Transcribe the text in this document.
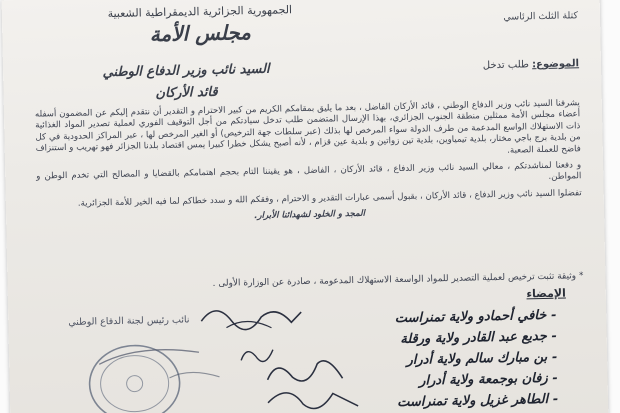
الجمهورية الجزائرية الديمقراطية الشعبية
مجلس الأمة
كتلة الثلث الرئاسي
السيد نائب وزير الدفاع الوطني
قائد الأركان
الموضوع: طلب تدخل

يشرفنا السيد نائب وزير الدفاع الوطني ، قائد الأركان الفاضل ، بعد ما يليق بمقامكم الكريم من كبير الاحترام و التقدير أن نتقدم إليكم عن المضمون أسفله أعضاء مجلس الأمة ممثلين منطقة الجنوب الجزائري، بهذا الإرسال المتضمن طلب تدخل سيادتكم من أجل التوقيف الفوري لعملية تصدير المواد الغذائية ذات الاستهلاك الواسع المدعمة من طرف الدولة سواء المرخص لها بذلك (عبر سلطات جهة الترخيص) أو الغير المرخص لها ، عبر المراكز الحدودية في كل من بلدية برج باجي مختار، بلدية تيمياوين، بلدية تين زواتين و بلدية عين قزام ، لأنه أصبح يشكل خطرا كبيرا يمس اقتصاد بلدنا الجزائر فهو تهريب و استنزاف فاضح للعملة الصعبة.

و دفعنا لمناشدتكم ، معالي السيد نائب وزير الدفاع ، قائد الأركان ، الفاضل ، هو يقيننا التام بحجم اهتمامكم بالقضايا و المصالح التي تخدم الوطن و المواطن.

تفضلوا السيد نائب وزير الدفاع ، قائد الأركان ، بقبول أسمى عبارات التقدير و الاحترام ، وفقكم الله و سدد خطاكم لما فيه الخير للأمة الجزائرية.

المجد و الخلود لشهدائنا الأبرار.

* وثيقة تثبت ترخيص لعملية التصدير للمواد الواسعة الاستهلاك المدعومة ، صادرة عن الوزارة الأولى .
الإمضاء
- خافي أحمادو ولاية تمنراست
- جديع عبد القادر ولاية ورقلة
- بن مبارك سالم ولاية أدرار
- زفان بوجمعة ولاية أدرار
- الطاهر غزيل ولاية تمنراست
نائب رئيس لجنة الدفاع الوطني
